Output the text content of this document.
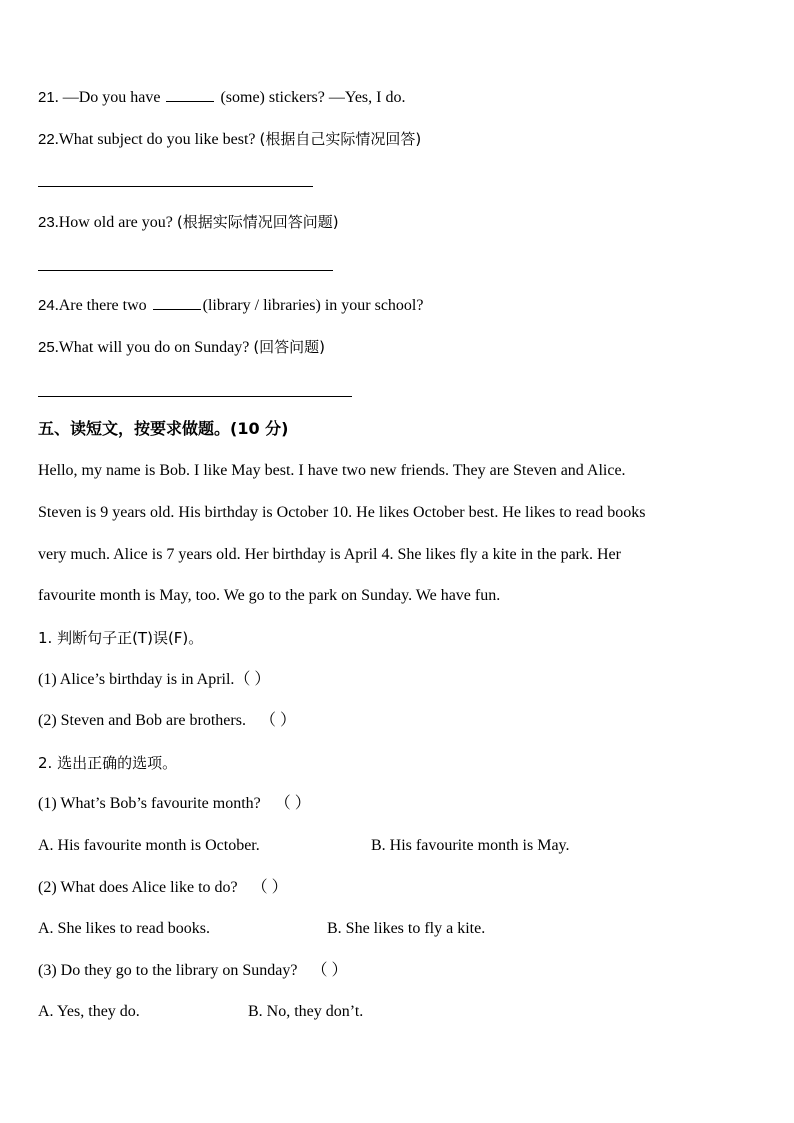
21. —Do you have	(some) stickers? —Yes, I do.
22.What subject do you like best? (根据自己实际情况回答)
23.How old are you? (根据实际情况回答问题)
24.Are there two	(library / libraries) in your school?
25.What will you do on Sunday? (回答问题)
五、读短文，按要求做题。(10 分)
Hello, my name is Bob. I like May best. I have two new friends. They are Steven and Alice.
Steven is 9 years old. His birthday is October 10. He likes October best. He likes to read books
very much. Alice is 7 years old. Her birthday is April 4. She likes fly a kite in the park. Her
favourite month is May, too. We go to the park on Sunday. We have fun.
1. 判断句子正(T)误(F)。
(1) Alice’s birthday is in April.（ ）
(2) Steven and Bob are brothers. （ ）
2. 选出正确的选项。
(1) What’s Bob’s favourite month? （ ）
A. His favourite month is October.	B. His favourite month is May.
(2) What does Alice like to do? （ ）
A. She likes to read books.	B. She likes to fly a kite.
(3) Do they go to the library on Sunday? （ ）
A. Yes, they do.	B. No, they don’t.
